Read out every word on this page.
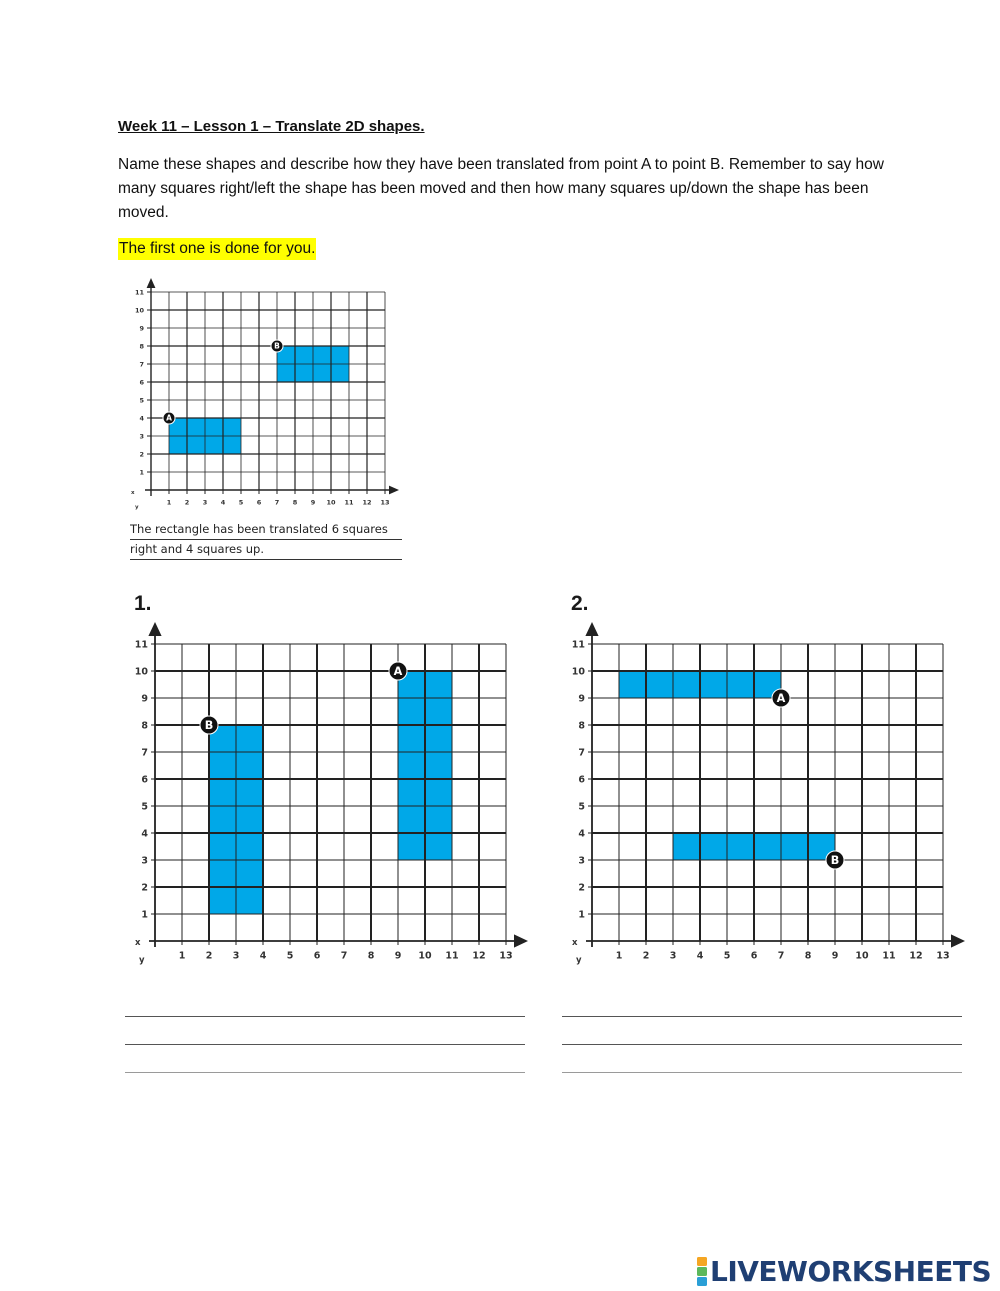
Week 11 – Lesson 1 – Translate 2D shapes.

Name these shapes and describe how they have been translated from point A to point B. Remember to say how many squares right/left the shape has been moved and then how many squares up/down the shape has been moved.

The first one is done for you.
1 2 3 4 5 6 7 8 9 10 11 12 13
1
2
3
4
5
6
7
8
9
10
11
x
y
A
B
The rectangle has been translated 6 squares
right and 4 squares up.
1.
1 2 3 4 5 6 7 8 9 10 11 12 13
1
2
3
4
5
6
7
8
9
10
11
x
y
A
B
2.
1 2 3 4 5 6 7 8 9 10 11 12 13
1
2
3
4
5
6
7
8
9
10
11
x
y
A
B
LIVEWORKSHEETS
